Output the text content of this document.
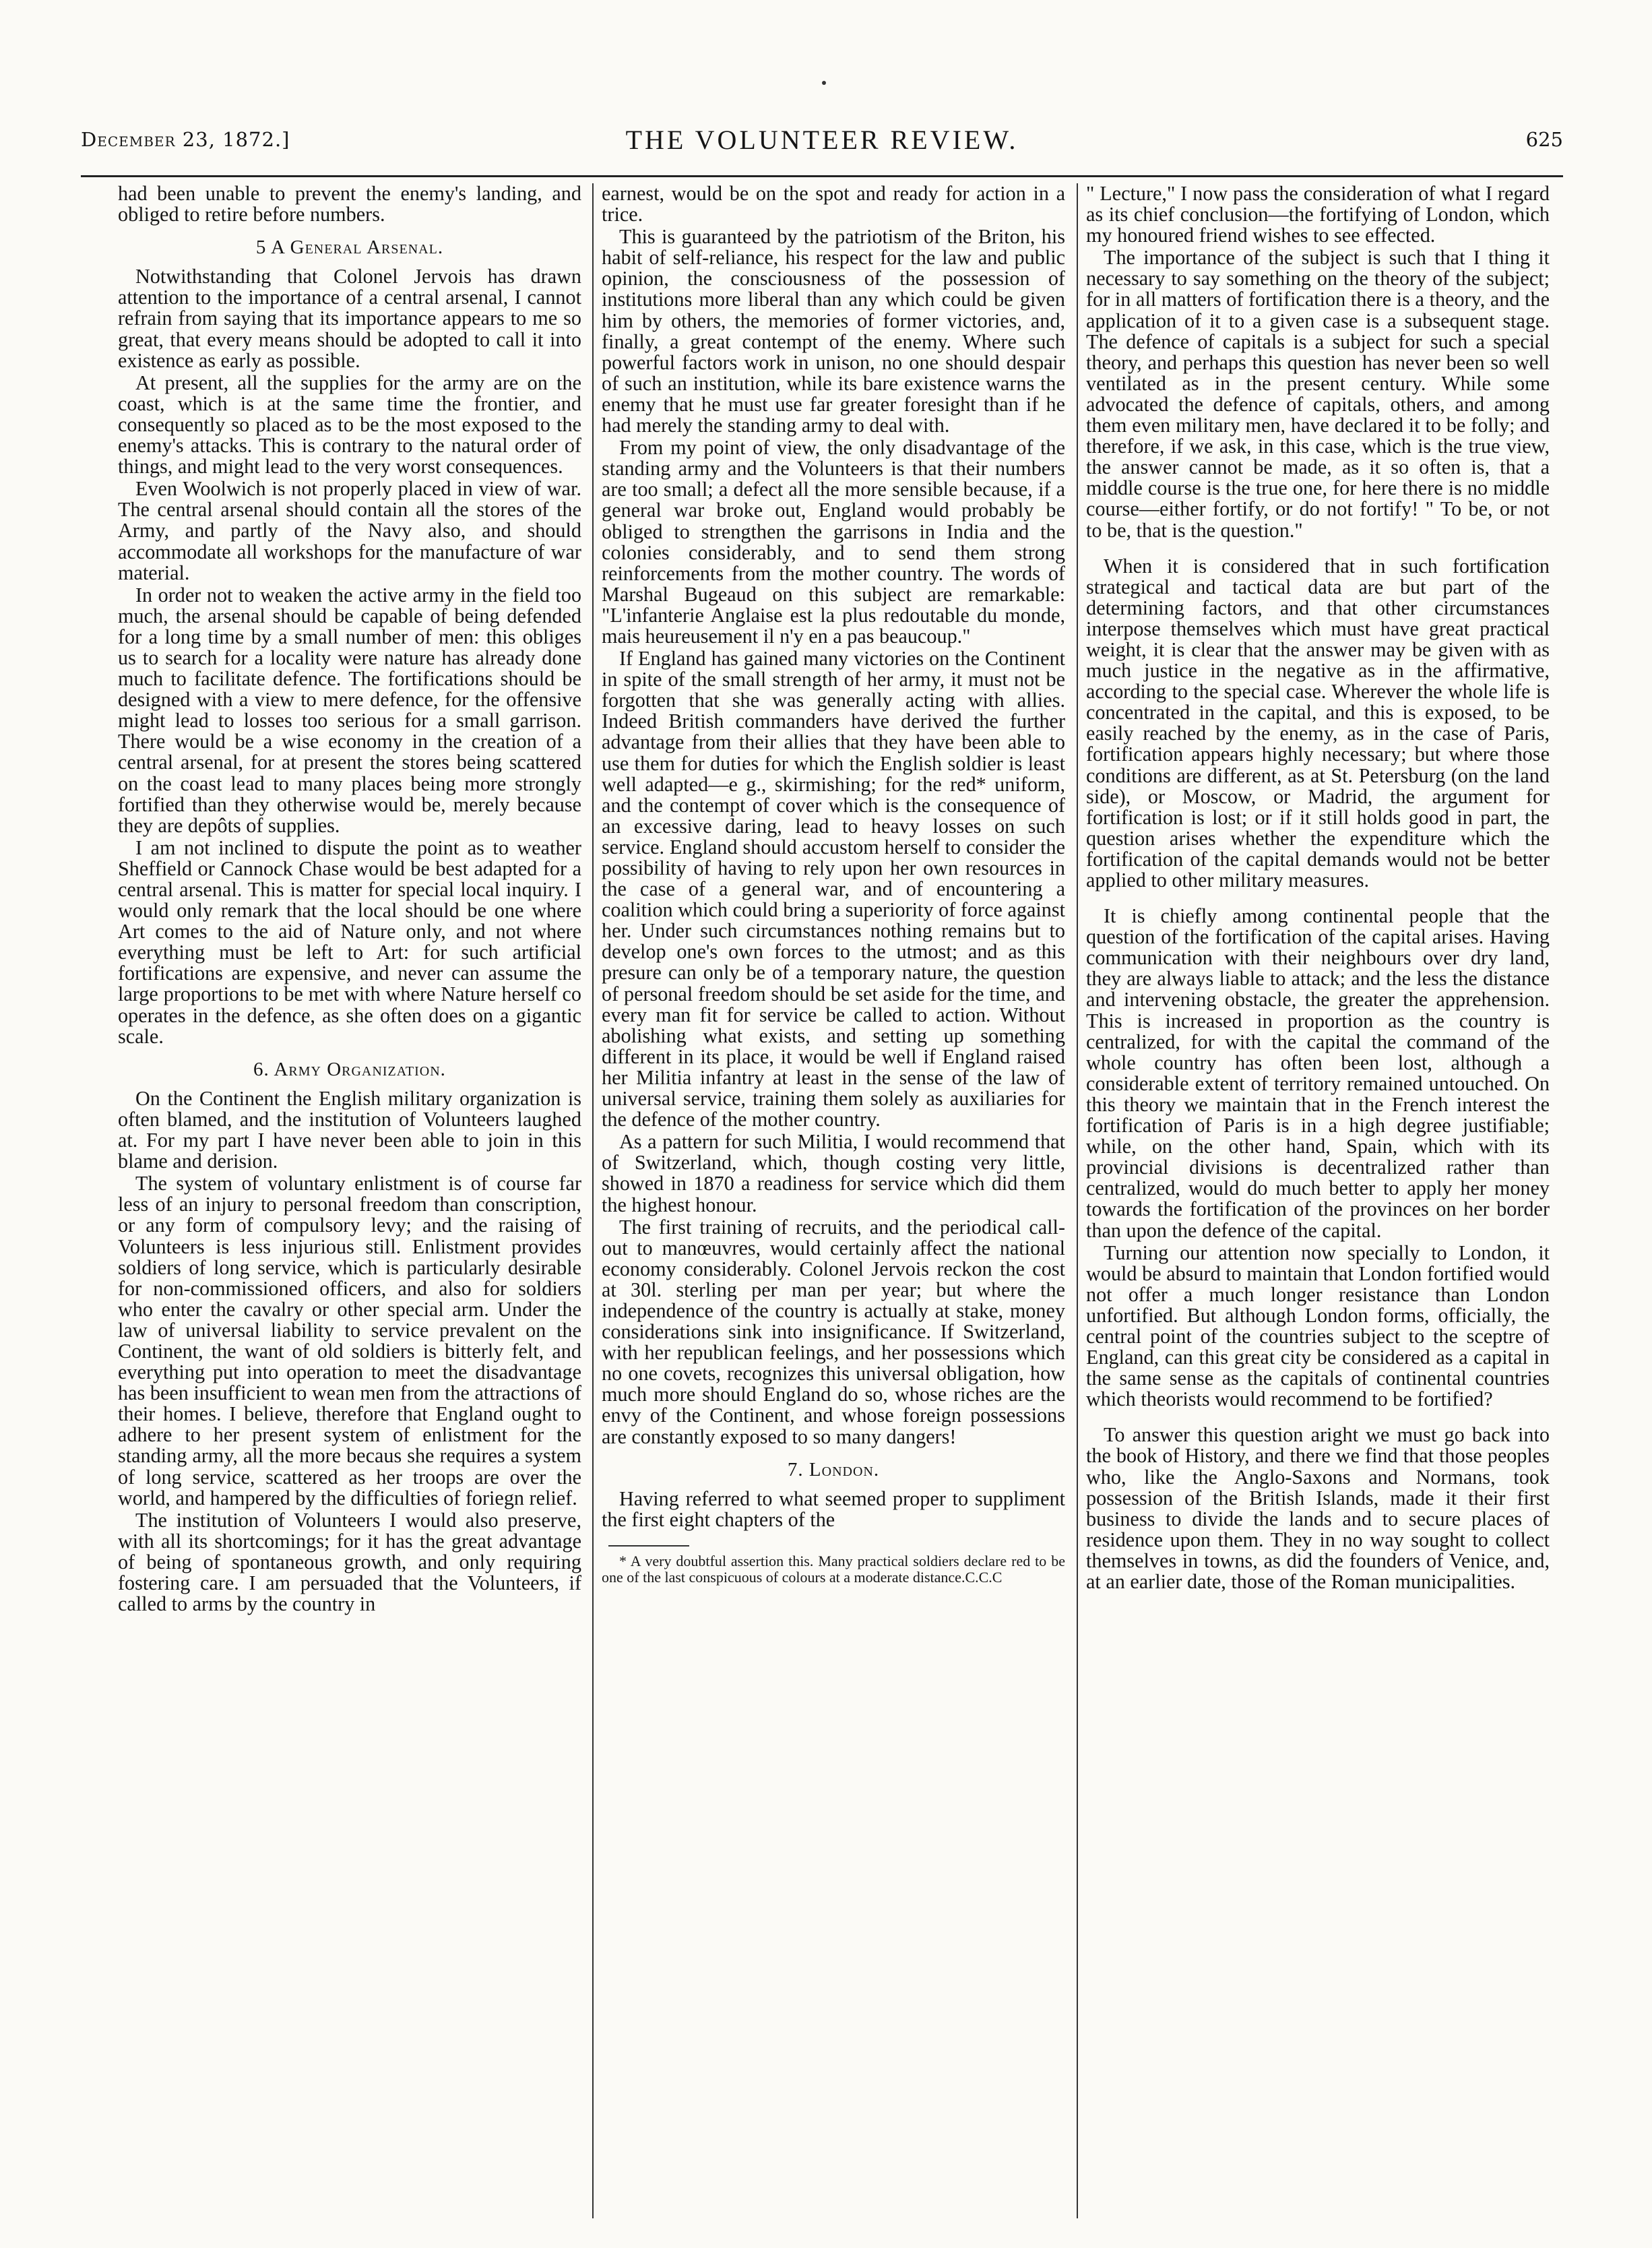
December 23, 1872.]	THE VOLUNTEER REVIEW.	625

had been unable to prevent the enemy's landing, and obliged to retire before numbers.

5 A General Arsenal.

Notwithstanding that Colonel Jervois has drawn attention to the importance of a central arsenal, I cannot refrain from saying that its importance appears to me so great, that every means should be adopted to call it into existence as early as possible.

At present, all the supplies for the army are on the coast, which is at the same time the frontier, and consequently so placed as to be the most exposed to the enemy's attacks. This is contrary to the natural order of things, and might lead to the very worst consequences.

Even Woolwich is not properly placed in view of war. The central arsenal should contain all the stores of the Army, and partly of the Navy also, and should accommodate all workshops for the manufacture of war material.

In order not to weaken the active army in the field too much, the arsenal should be capable of being defended for a long time by a small number of men: this obliges us to search for a locality were nature has already done much to facilitate defence. The fortifications should be designed with a view to mere defence, for the offensive might lead to losses too serious for a small garrison. There would be a wise economy in the creation of a central arsenal, for at present the stores being scattered on the coast lead to many places being more strongly fortified than they otherwise would be, merely because they are depôts of supplies.

I am not inclined to dispute the point as to weather Sheffield or Cannock Chase would be best adapted for a central arsenal. This is matter for special local inquiry. I would only remark that the local should be one where Art comes to the aid of Nature only, and not where everything must be left to Art: for such artificial fortifications are expensive, and never can assume the large proportions to be met with where Nature herself co operates in the defence, as she often does on a gigantic scale.

6. Army Organization.

On the Continent the English military organization is often blamed, and the institution of Volunteers laughed at. For my part I have never been able to join in this blame and derision.

The system of voluntary enlistment is of course far less of an injury to personal freedom than conscription, or any form of compulsory levy; and the raising of Volunteers is less injurious still. Enlistment provides soldiers of long service, which is particularly desirable for non-commissioned officers, and also for soldiers who enter the cavalry or other special arm. Under the law of universal liability to service prevalent on the Continent, the want of old soldiers is bitterly felt, and everything put into operation to meet the disadvantage has been insufficient to wean men from the attractions of their homes. I believe, therefore that England ought to adhere to her present system of enlistment for the standing army, all the more becaus she requires a system of long service, scattered as her troops are over the world, and hampered by the difficulties of foriegn relief.

The institution of Volunteers I would also preserve, with all its shortcomings; for it has the great advantage of being of spontaneous growth, and only requiring fostering care. I am persuaded that the Volunteers, if called to arms by the country in

earnest, would be on the spot and ready for action in a trice.

This is guaranteed by the patriotism of the Briton, his habit of self-reliance, his respect for the law and public opinion, the consciousness of the possession of institutions more liberal than any which could be given him by others, the memories of former victories, and, finally, a great contempt of the enemy. Where such powerful factors work in unison, no one should despair of such an institution, while its bare existence warns the enemy that he must use far greater foresight than if he had merely the standing army to deal with.

From my point of view, the only disadvantage of the standing army and the Volunteers is that their numbers are too small; a defect all the more sensible because, if a general war broke out, England would probably be obliged to strengthen the garrisons in India and the colonies considerably, and to send them strong reinforcements from the mother country. The words of Marshal Bugeaud on this subject are remarkable: "L'infanterie Anglaise est la plus redoutable du monde, mais heureusement il n'y en a pas beaucoup."

If England has gained many victories on the Continent in spite of the small strength of her army, it must not be forgotten that she was generally acting with allies. Indeed British commanders have derived the further advantage from their allies that they have been able to use them for duties for which the English soldier is least well adapted—e g., skirmishing; for the red* uniform, and the contempt of cover which is the consequence of an excessive daring, lead to heavy losses on such service. England should accustom herself to consider the possibility of having to rely upon her own resources in the case of a general war, and of encountering a coalition which could bring a superiority of force against her. Under such circumstances nothing remains but to develop one's own forces to the utmost; and as this presure can only be of a temporary nature, the question of personal freedom should be set aside for the time, and every man fit for service be called to action. Without abolishing what exists, and setting up something different in its place, it would be well if England raised her Militia infantry at least in the sense of the law of universal service, training them solely as auxiliaries for the defence of the mother country.

As a pattern for such Militia, I would recommend that of Switzerland, which, though costing very little, showed in 1870 a readiness for service which did them the highest honour.

The first training of recruits, and the periodical call-out to manœuvres, would certainly affect the national economy considerably. Colonel Jervois reckon the cost at 30l. sterling per man per year; but where the independence of the country is actually at stake, money considerations sink into insignificance. If Switzerland, with her republican feelings, and her possessions which no one covets, recognizes this universal obligation, how much more should England do so, whose riches are the envy of the Continent, and whose foreign possessions are constantly exposed to so many dangers!

7. London.

Having referred to what seemed proper to suppliment the first eight chapters of the

* A very doubtful assertion this. Many practical soldiers declare red to be one of the last conspicuous of colours at a moderate distance.C.C.C

" Lecture," I now pass the consideration of what I regard as its chief conclusion—the fortifying of London, which my honoured friend wishes to see effected.

The importance of the subject is such that I thing it necessary to say something on the theory of the subject; for in all matters of fortification there is a theory, and the application of it to a given case is a subsequent stage. The defence of capitals is a subject for such a special theory, and perhaps this question has never been so well ventilated as in the present century. While some advocated the defence of capitals, others, and among them even military men, have declared it to be folly; and therefore, if we ask, in this case, which is the true view, the answer cannot be made, as it so often is, that a middle course is the true one, for here there is no middle course—either fortify, or do not fortify! " To be, or not to be, that is the question."

When it is considered that in such fortification strategical and tactical data are but part of the determining factors, and that other circumstances interpose themselves which must have great practical weight, it is clear that the answer may be given with as much justice in the negative as in the affirmative, according to the special case. Wherever the whole life is concentrated in the capital, and this is exposed, to be easily reached by the enemy, as in the case of Paris, fortification appears highly necessary; but where those conditions are different, as at St. Petersburg (on the land side), or Moscow, or Madrid, the argument for fortification is lost; or if it still holds good in part, the question arises whether the expenditure which the fortification of the capital demands would not be better applied to other military measures.

It is chiefly among continental people that the question of the fortification of the capital arises. Having communication with their neighbours over dry land, they are always liable to attack; and the less the distance and intervening obstacle, the greater the apprehension. This is increased in proportion as the country is centralized, for with the capital the command of the whole country has often been lost, although a considerable extent of territory remained untouched. On this theory we maintain that in the French interest the fortification of Paris is in a high degree justifiable; while, on the other hand, Spain, which with its provincial divisions is decentralized rather than centralized, would do much better to apply her money towards the fortification of the provinces on her border than upon the defence of the capital.

Turning our attention now specially to London, it would be absurd to maintain that London fortified would not offer a much longer resistance than London unfortified. But although London forms, officially, the central point of the countries subject to the sceptre of England, can this great city be considered as a capital in the same sense as the capitals of continental countries which theorists would recommend to be fortified?

To answer this question aright we must go back into the book of History, and there we find that those peoples who, like the Anglo-Saxons and Normans, took possession of the British Islands, made it their first business to divide the lands and to secure places of residence upon them. They in no way sought to collect themselves in towns, as did the founders of Venice, and, at an earlier date, those of the Roman municipalities.
